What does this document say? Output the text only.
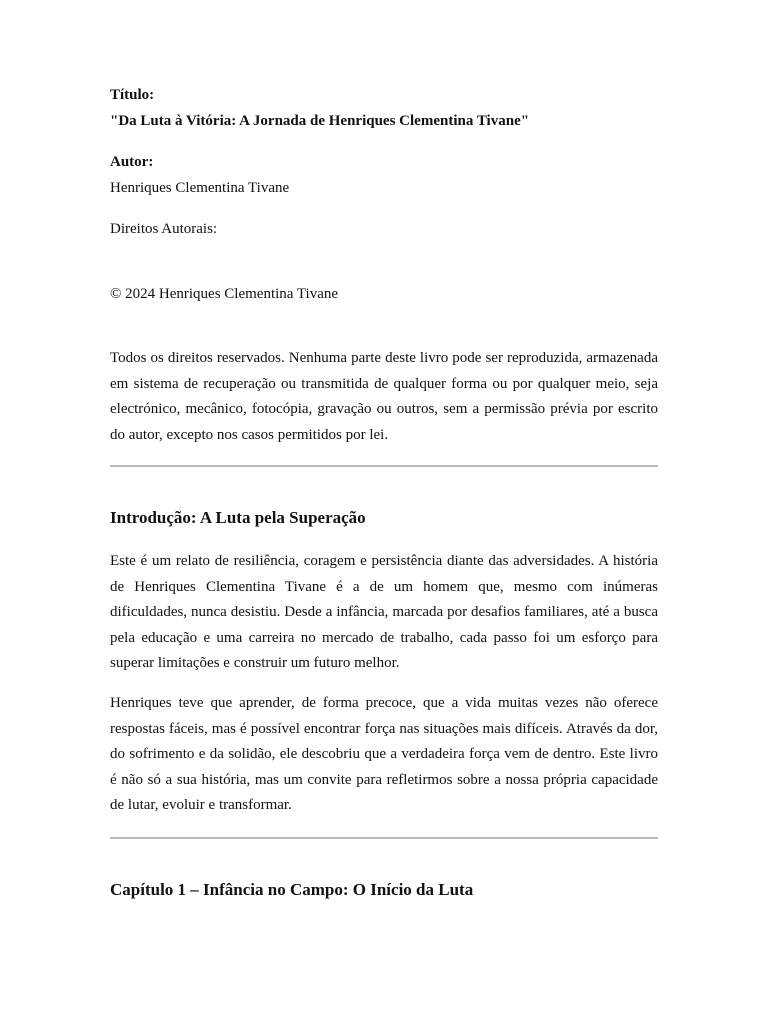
Título:
"Da Luta à Vitória: A Jornada de Henriques Clementina Tivane"
Autor:
Henriques Clementina Tivane
Direitos Autorais:
© 2024 Henriques Clementina Tivane
Todos os direitos reservados. Nenhuma parte deste livro pode ser reproduzida, armazenada em sistema de recuperação ou transmitida de qualquer forma ou por qualquer meio, seja electrónico, mecânico, fotocópia, gravação ou outros, sem a permissão prévia por escrito do autor, excepto nos casos permitidos por lei.
Introdução: A Luta pela Superação
Este é um relato de resiliência, coragem e persistência diante das adversidades. A história de Henriques Clementina Tivane é a de um homem que, mesmo com inúmeras dificuldades, nunca desistiu. Desde a infância, marcada por desafios familiares, até a busca pela educação e uma carreira no mercado de trabalho, cada passo foi um esforço para superar limitações e construir um futuro melhor.
Henriques teve que aprender, de forma precoce, que a vida muitas vezes não oferece respostas fáceis, mas é possível encontrar força nas situações mais difíceis. Através da dor, do sofrimento e da solidão, ele descobriu que a verdadeira força vem de dentro. Este livro é não só a sua história, mas um convite para refletirmos sobre a nossa própria capacidade de lutar, evoluir e transformar.
Capítulo 1 – Infância no Campo: O Início da Luta
